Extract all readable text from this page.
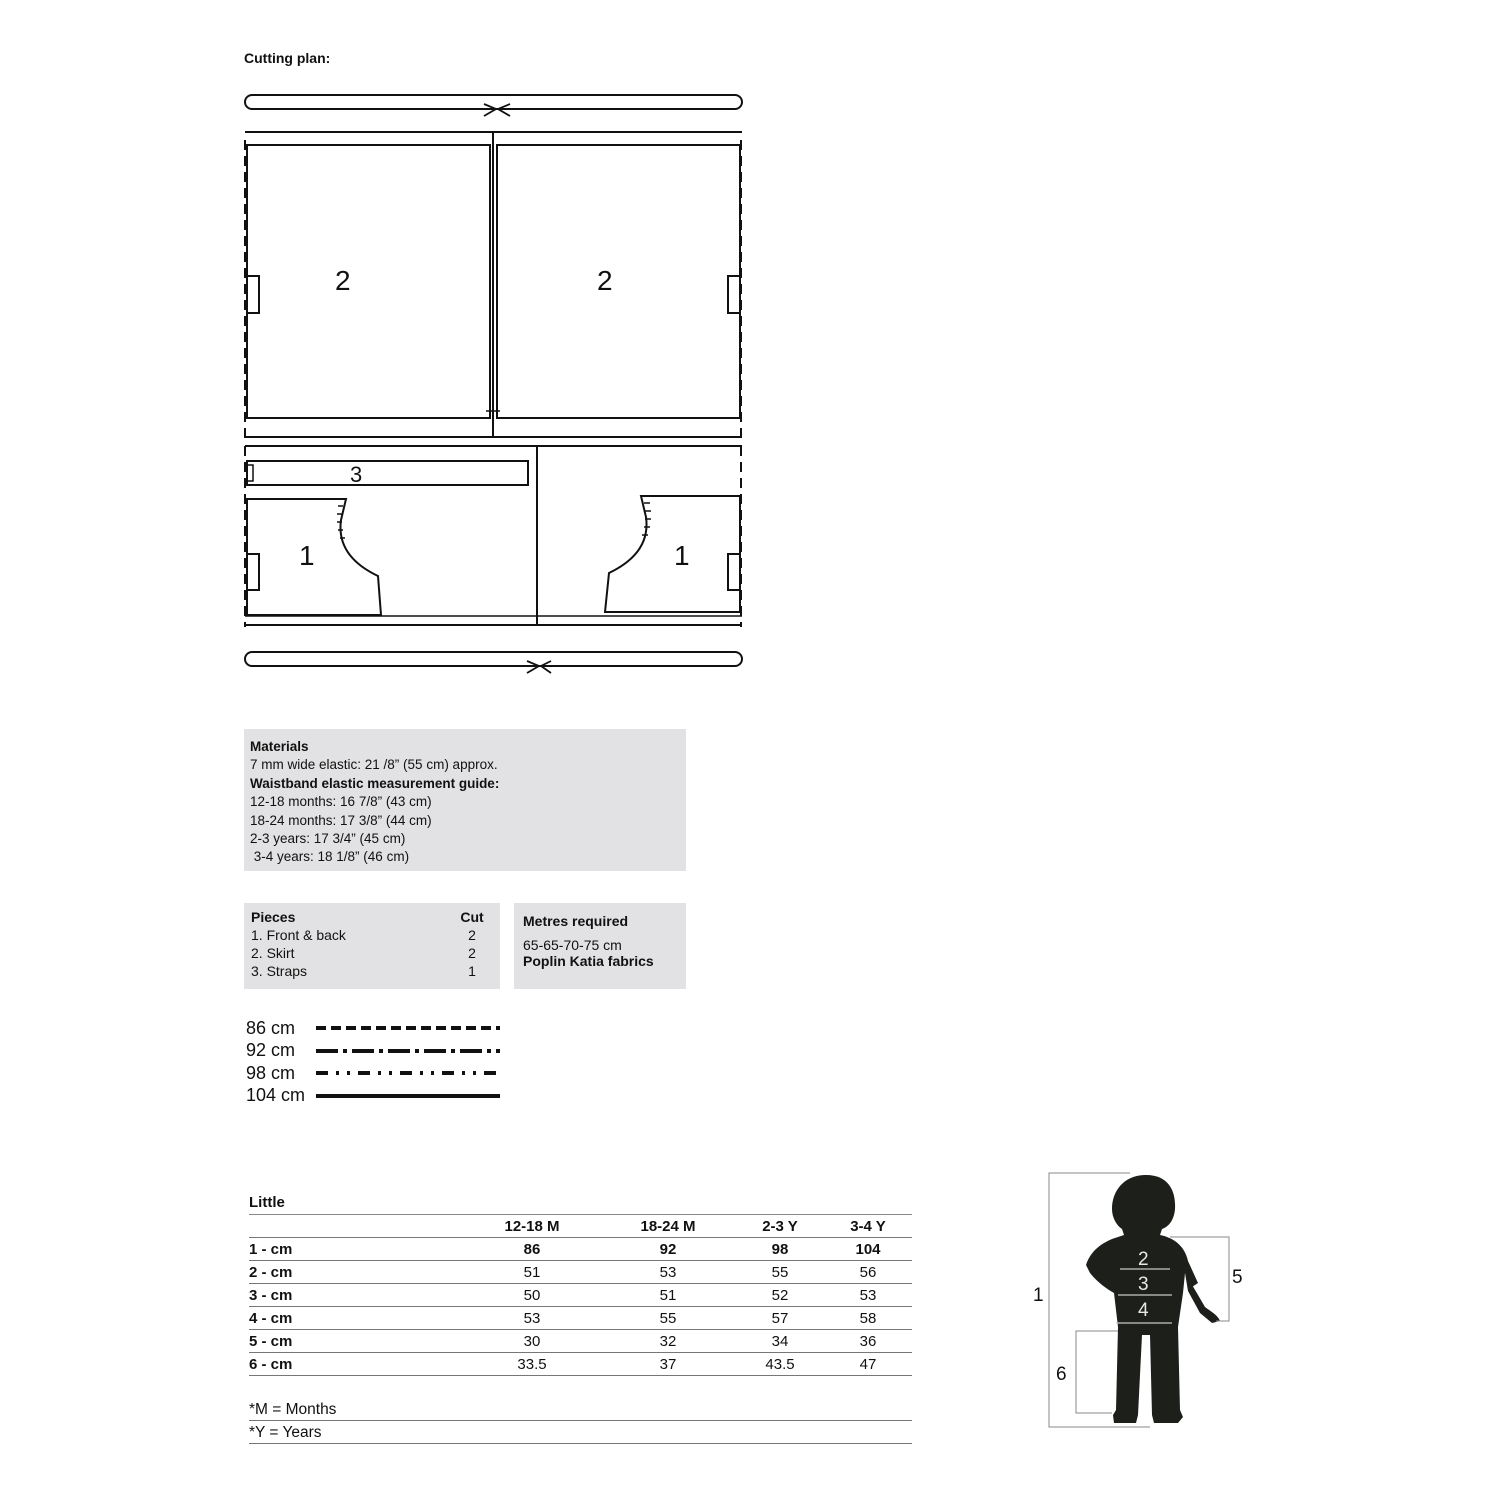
Cutting plan:
2	2
3
1	1
Materials
7 mm wide elastic: 21 /8” (55 cm) approx.
Waistband elastic measurement guide:
12-18 months: 16 7/8” (43 cm)
18-24 months: 17 3/8” (44 cm)
2-3 years: 17 3/4” (45 cm)
3-4 years: 18 1/8” (46 cm)
Pieces	Cut
1. Front & back	2
2. Skirt	2
3. Straps	1
Metres required
65-65-70-75 cm
Poplin Katia fabrics
86 cm
92 cm
98 cm
104 cm
Little
	12-18 M	18-24 M	2-3 Y	3-4 Y
1 - cm	86	92	98	104
2 - cm	51	53	55	56
3 - cm	50	51	52	53
4 - cm	53	55	57	58
5 - cm	30	32	34	36
6 - cm	33.5	37	43.5	47
*M = Months
*Y = Years
1
5
6
2
3
4
